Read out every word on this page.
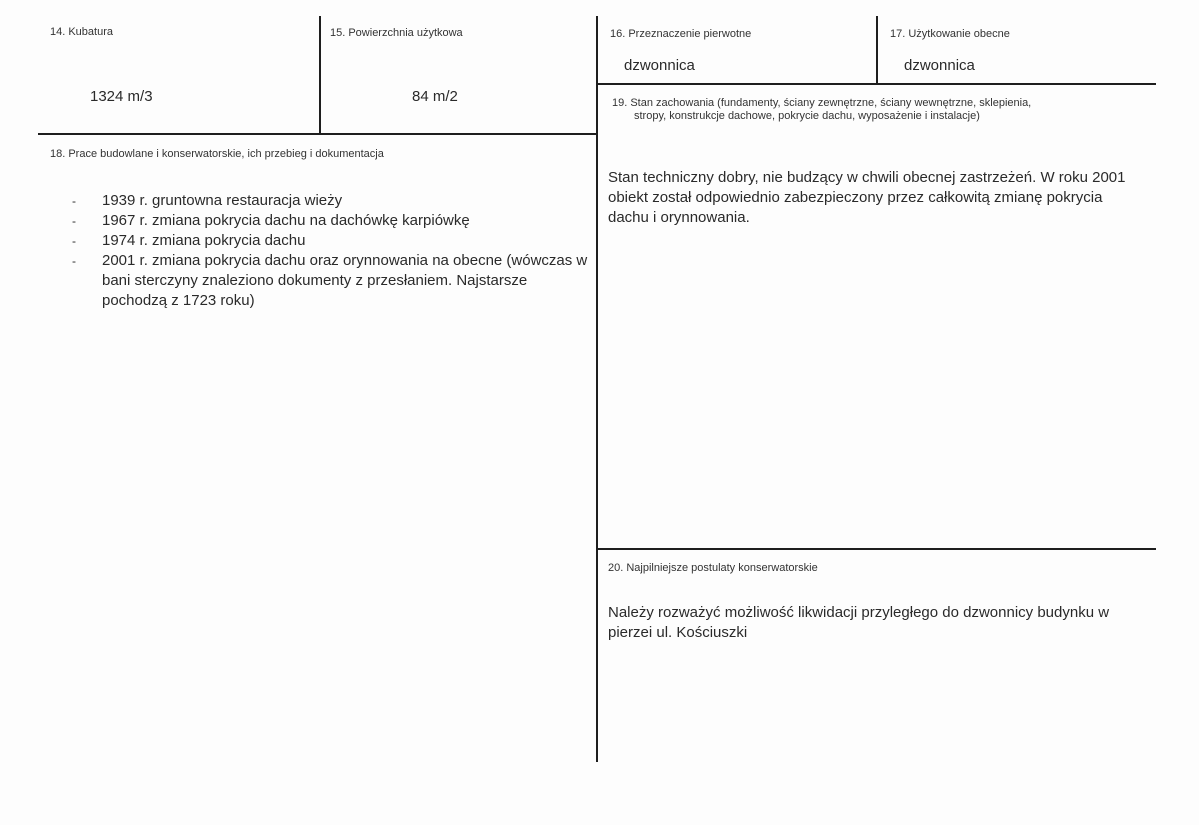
14. Kubatura
1324 m/3
15. Powierzchnia użytkowa
84 m/2
16. Przeznaczenie pierwotne
dzwonnica
17. Użytkowanie obecne
dzwonnica
18. Prace budowlane i konserwatorskie, ich przebieg i dokumentacja
- 1939 r. gruntowna restauracja wieży
- 1967 r. zmiana pokrycia dachu na dachówkę karpiówkę
- 1974 r. zmiana pokrycia dachu
- 2001 r. zmiana pokrycia dachu oraz orynnowania na obecne (wówczas w bani sterczyny znaleziono dokumenty z przesłaniem. Najstarsze pochodzą z 1723 roku)
19. Stan zachowania (fundamenty, ściany zewnętrzne, ściany wewnętrzne, sklepienia,
stropy, konstrukcje dachowe, pokrycie dachu, wyposażenie i instalacje)
Stan techniczny dobry, nie budzący w chwili obecnej zastrzeżeń. W roku 2001 obiekt został odpowiednio zabezpieczony przez całkowitą zmianę pokrycia dachu i orynnowania.
20. Najpilniejsze postulaty konserwatorskie
Należy rozważyć możliwość likwidacji przyległego do dzwonnicy budynku w pierzei ul. Kościuszki
